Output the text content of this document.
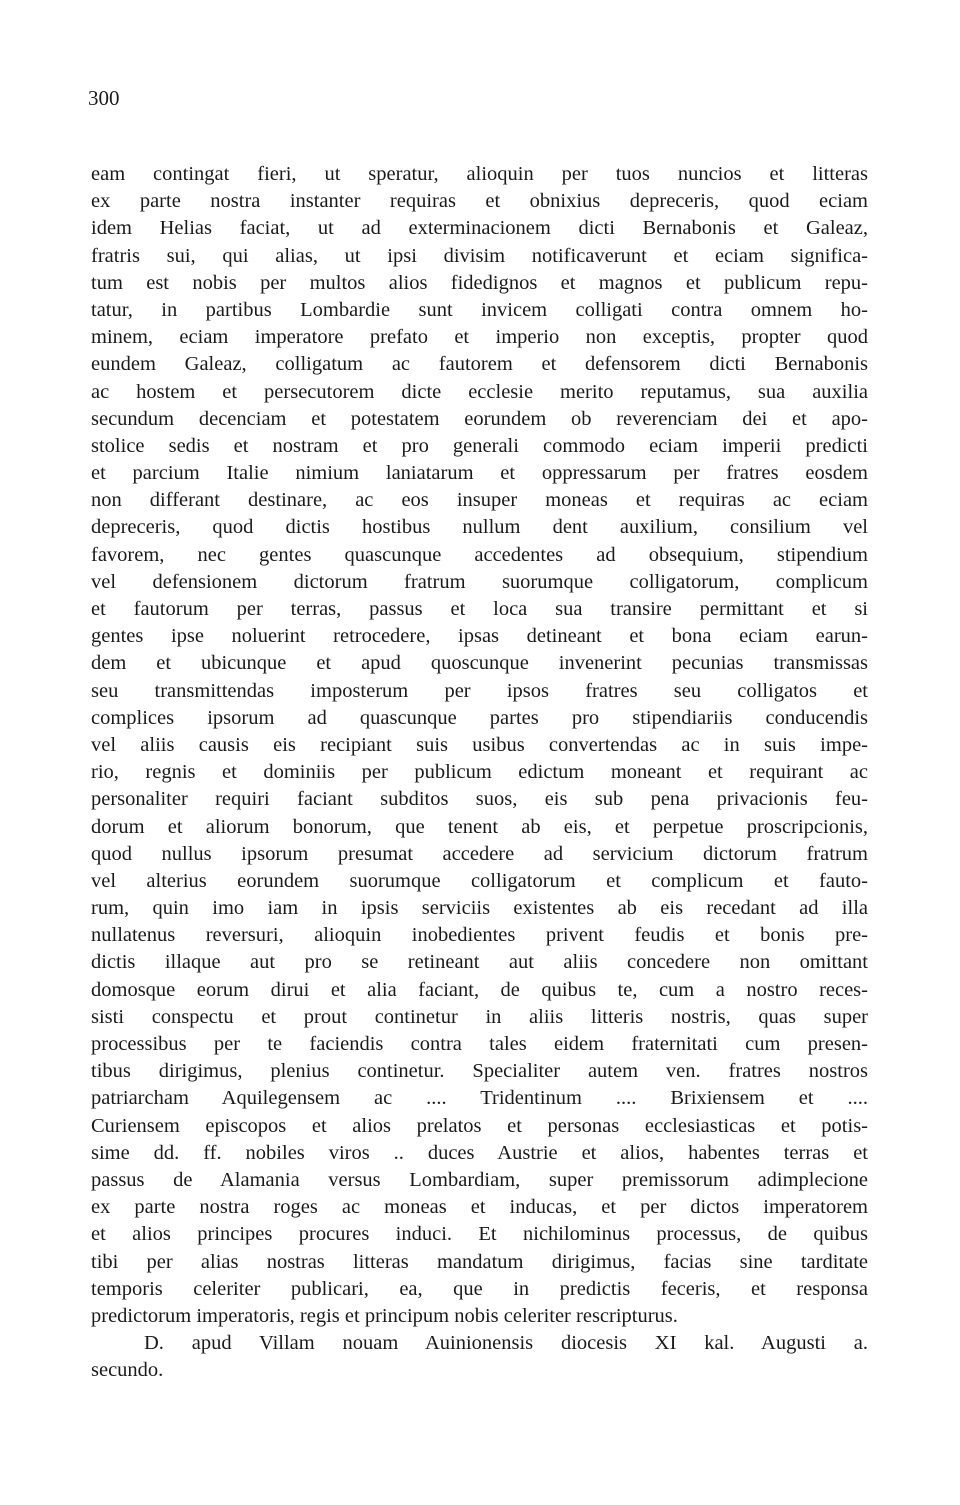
300
eam contingat fieri, ut speratur, alioquin per tuos nuncios et litteras
ex parte nostra instanter requiras et obnixius depreceris, quod eciam
idem Helias faciat, ut ad exterminacionem dicti Bernabonis et Galeaz,
fratris sui, qui alias, ut ipsi divisim notificaverunt et eciam significa-
tum est nobis per multos alios fidedignos et magnos et publicum repu-
tatur, in partibus Lombardie sunt invicem colligati contra omnem ho-
minem, eciam imperatore prefato et imperio non exceptis, propter quod
eundem Galeaz, colligatum ac fautorem et defensorem dicti Bernabonis
ac hostem et persecutorem dicte ecclesie merito reputamus, sua auxilia
secundum decenciam et potestatem eorundem ob reverenciam dei et apo-
stolice sedis et nostram et pro generali commodo eciam imperii predicti
et parcium Italie nimium laniatarum et oppressarum per fratres eosdem
non differant destinare, ac eos insuper moneas et requiras ac eciam
depreceris, quod dictis hostibus nullum dent auxilium, consilium vel
favorem, nec gentes quascunque accedentes ad obsequium, stipendium
vel defensionem dictorum fratrum suorumque colligatorum, complicum
et fautorum per terras, passus et loca sua transire permittant et si
gentes ipse noluerint retrocedere, ipsas detineant et bona eciam earun-
dem et ubicunque et apud quoscunque invenerint pecunias transmissas
seu transmittendas imposterum per ipsos fratres seu colligatos et
complices ipsorum ad quascunque partes pro stipendiariis conducendis
vel aliis causis eis recipiant suis usibus convertendas ac in suis impe-
rio, regnis et dominiis per publicum edictum moneant et requirant ac
personaliter requiri faciant subditos suos, eis sub pena privacionis feu-
dorum et aliorum bonorum, que tenent ab eis, et perpetue proscripcionis,
quod nullus ipsorum presumat accedere ad servicium dictorum fratrum
vel alterius eorundem suorumque colligatorum et complicum et fauto-
rum, quin imo iam in ipsis serviciis existentes ab eis recedant ad illa
nullatenus reversuri, alioquin inobedientes privent feudis et bonis pre-
dictis illaque aut pro se retineant aut aliis concedere non omittant
domosque eorum dirui et alia faciant, de quibus te, cum a nostro reces-
sisti conspectu et prout continetur in aliis litteris nostris, quas super
processibus per te faciendis contra tales eidem fraternitati cum presen-
tibus dirigimus, plenius continetur. Specialiter autem ven. fratres nostros
patriarcham Aquilegensem ac .... Tridentinum .... Brixiensem et ....
Curiensem episcopos et alios prelatos et personas ecclesiasticas et potis-
sime dd. ff. nobiles viros .. duces Austrie et alios, habentes terras et
passus de Alamania versus Lombardiam, super premissorum adimplecione
ex parte nostra roges ac moneas et inducas, et per dictos imperatorem
et alios principes procures induci. Et nichilominus processus, de quibus
tibi per alias nostras litteras mandatum dirigimus, facias sine tarditate
temporis celeriter publicari, ea, que in predictis feceris, et responsa
predictorum imperatoris, regis et principum nobis celeriter rescripturus.
D. apud Villam nouam Auinionensis diocesis XI kal. Augusti a.
secundo.
